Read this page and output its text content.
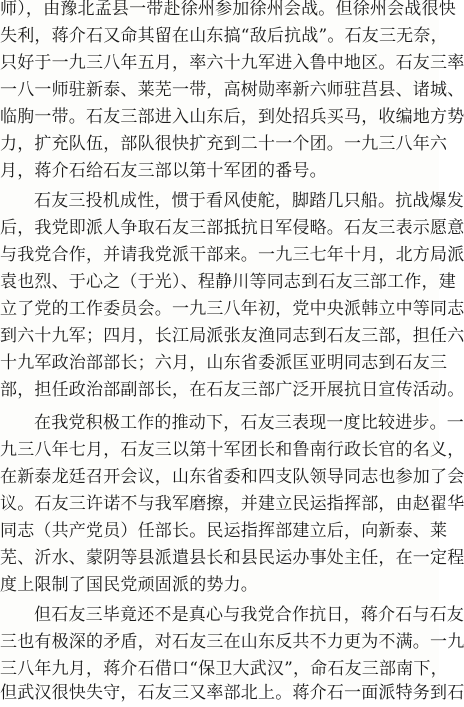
师），由豫北孟县一带赴徐州参加徐州会战。但徐州会战很快
失利，蒋介石又命其留在山东搞“敌后抗战”。石友三无奈，
只好于一九三八年五月，率六十九军进入鲁中地区。石友三率
一八一师驻新泰、莱芜一带，高树勋率新六师驻莒县、诸城、
临朐一带。石友三部进入山东后，到处招兵买马，收编地方势
力，扩充队伍，部队很快扩充到二十一个团。一九三八年六
月，蒋介石给石友三部以第十军团的番号。
石友三投机成性，惯于看风使舵，脚踏几只船。抗战爆发
后，我党即派人争取石友三部抵抗日军侵略。石友三表示愿意
与我党合作，并请我党派干部来。一九三七年十月，北方局派
袁也烈、于心之（于光）、程静川等同志到石友三部工作，建
立了党的工作委员会。一九三八年初，党中央派韩立中等同志
到六十九军；四月，长江局派张友渔同志到石友三部，担任六
十九军政治部部长；六月，山东省委派匡亚明同志到石友三
部，担任政治部副部长，在石友三部广泛开展抗日宣传活动。
在我党积极工作的推动下，石友三表现一度比较进步。一
九三八年七月，石友三以第十军团长和鲁南行政长官的名义，
在新泰龙廷召开会议，山东省委和四支队领导同志也参加了会
议。石友三许诺不与我军磨擦，并建立民运指挥部，由赵翟华
同志（共产党员）任部长。民运指挥部建立后，向新泰、莱
芜、沂水、蒙阴等县派遣县长和县民运办事处主任，在一定程
度上限制了国民党顽固派的势力。
但石友三毕竟还不是真心与我党合作抗日，蒋介石与石友
三也有极深的矛盾，对石友三在山东反共不力更为不满。一九
三八年九月，蒋介石借口“保卫大武汉”，命石友三部南下，
但武汉很快失守，石友三又率部北上。蒋介石一面派特务到石
